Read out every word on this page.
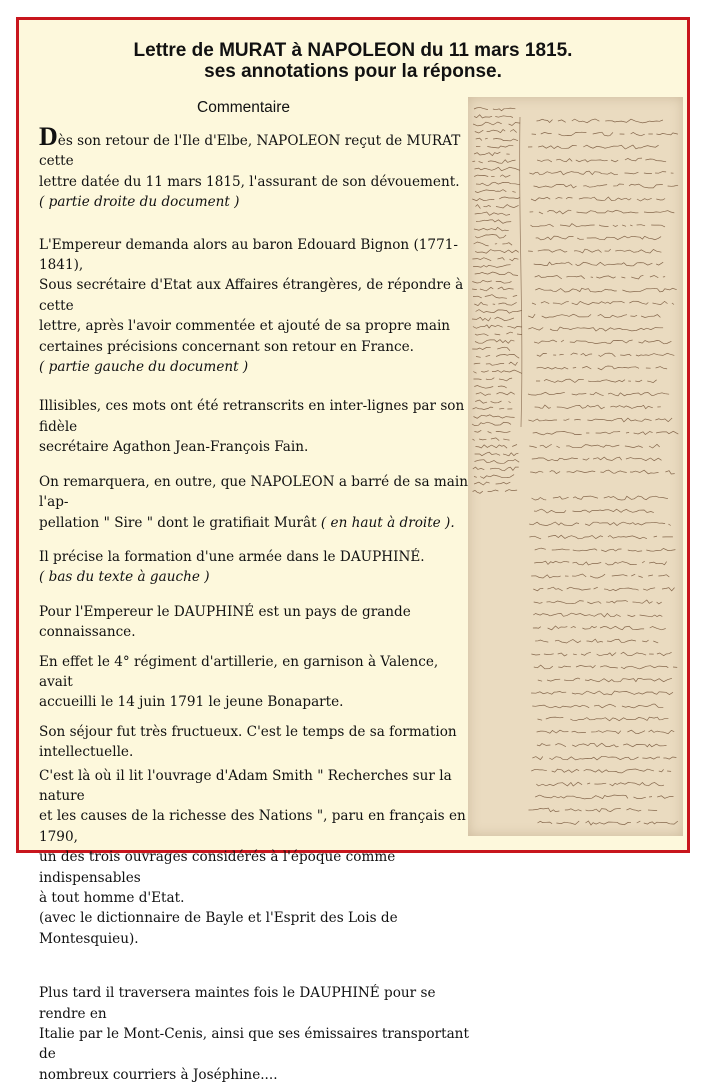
Lettre de MURAT à NAPOLEON du 11 mars 1815.
ses annotations pour la réponse.
Commentaire

Dès son retour de l'Ile d'Elbe, NAPOLEON reçut de MURAT cette
lettre datée du 11 mars 1815, l'assurant de son dévouement.
( partie droite du document )

L'Empereur demanda alors au baron Edouard Bignon (1771-1841),
Sous secrétaire d'Etat aux Affaires étrangères, de répondre à cette
lettre, après l'avoir commentée et ajouté de sa propre main
certaines précisions concernant son retour en France.
( partie gauche du document )

Illisibles, ces mots ont été retranscrits en inter-lignes par son fidèle
secrétaire Agathon Jean-François Fain.

On remarquera, en outre, que NAPOLEON a barré de sa main l'ap-
pellation " Sire " dont le gratifiait Murât ( en haut à droite ).

Il précise la formation d'une armée dans le DAUPHINÉ.
( bas du texte à gauche )

Pour l'Empereur le DAUPHINÉ est un pays de grande connaissance.

En effet le 4° régiment d'artillerie, en garnison à Valence, avait
accueilli le 14 juin 1791 le jeune Bonaparte.

Son séjour fut très fructueux. C'est le temps de sa formation
intellectuelle.

C'est là où il lit l'ouvrage d'Adam Smith " Recherches sur la nature
et les causes de la richesse des Nations ", paru en français en 1790,
un des trois ouvrages considérés à l'époque comme indispensables
à tout homme d'Etat.
(avec le dictionnaire de Bayle et l'Esprit des Lois de Montesquieu).

Plus tard il traversera maintes fois le DAUPHINÉ pour se rendre en
Italie par le Mont-Cenis, ainsi que ses émissaires transportant de
nombreux courriers à Joséphine....
